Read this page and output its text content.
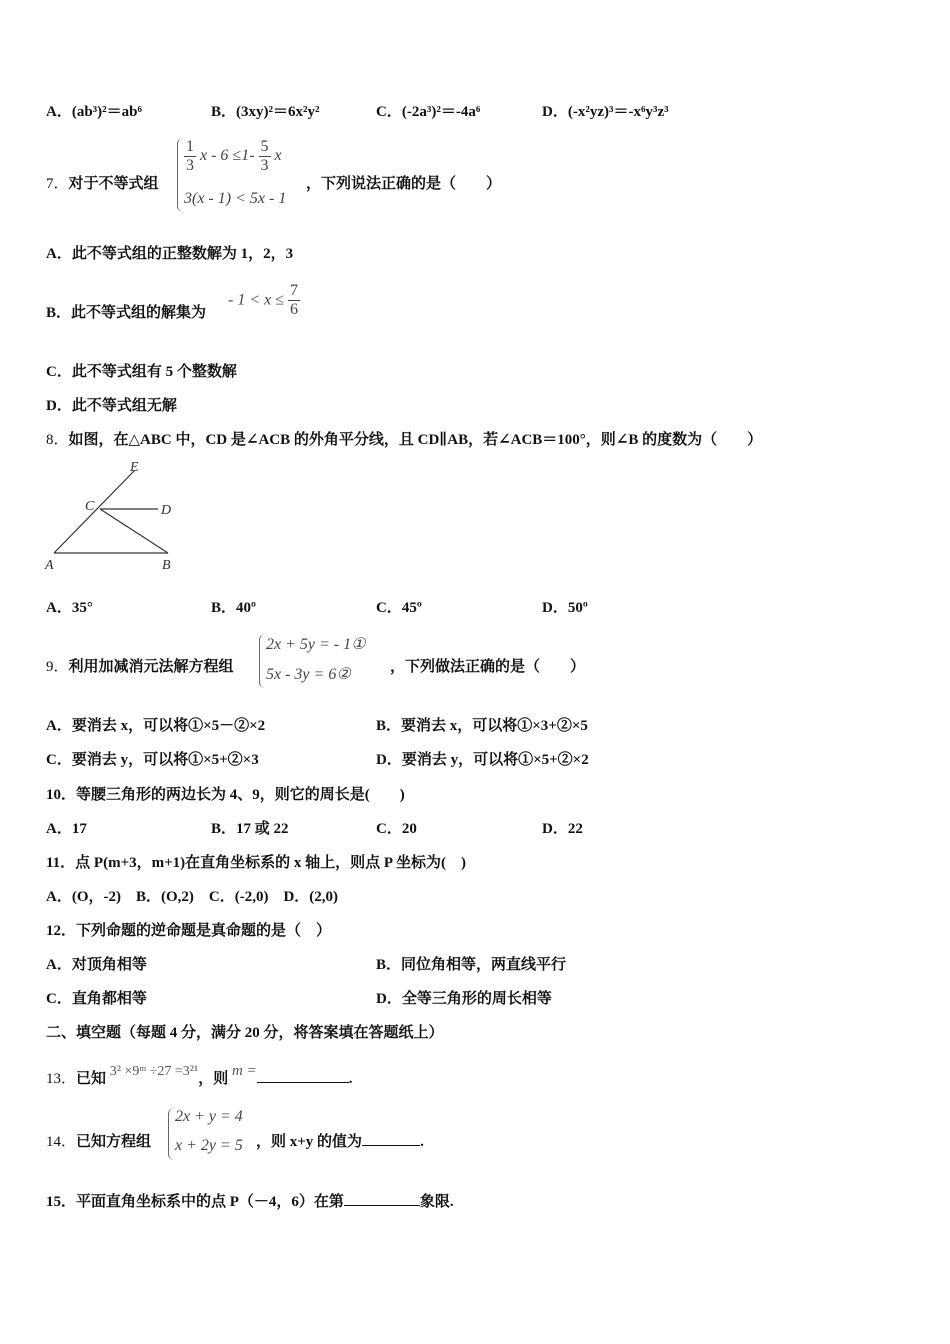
A．(ab³)²＝ab⁶	B．(3xy)²＝6x²y²	C．(-2a³)²＝-4a⁶	D．(-x²yz)³＝-x⁶y³z³
7．对于不等式组
$\frac{1}{3}$ $x - 6 \le 1- \frac{5}{3}$ x
3(x - 1) < 5x - 1
，下列说法正确的是（　　）
A．此不等式组的正整数解为 1，2，3
B．此不等式组的解集为
- $1 < x \le \frac{7}{6}$
C．此不等式组有 5 个整数解
D．此不等式组无解
8．如图，在△ABC 中，CD 是∠ACB 的外角平分线，且 CD∥AB，若∠ACB＝100°，则∠B 的度数为（　　）
E
C	D
A	B
A．35°	B．40º	C．45º	D．50º
9．利用加减消元法解方程组
2x + 5y = - 1①
5x - 3y = 6②	，下列做法正确的是（　　）
A．要消去 x，可以将①×5－②×2	B．要消去 x，可以将①×3+②×5
C．要消去 y，可以将①×5+②×3	D．要消去 y，可以将①×5+②×2
10．等腰三角形的两边长为 4、9，则它的周长是(　　)
A．17	B．17 或 22	C．20	D．22
11．点 P(m+3，m+1)在直角坐标系的 x 轴上，则点 P 坐标为(　)
A．(O，-2)　B．(O,2)　C．(-2,0)　D．(2,0)
12．下列命题的逆命题是真命题的是（　）
A．对顶角相等	B．同位角相等，两直线平行
C．直角都相等	D．全等三角形的周长相等
二、填空题（每题 4 分，满分 20 分，将答案填在答题纸上）
13．已知 3² ×9ᵐ ÷27 =3²¹，则 m =	.
14．已知方程组
2x + y = 4
x + 2y = 5 ，则 x+y 的值为	.
15．平面直角坐标系中的点 P（－4，6）在第	象限.
